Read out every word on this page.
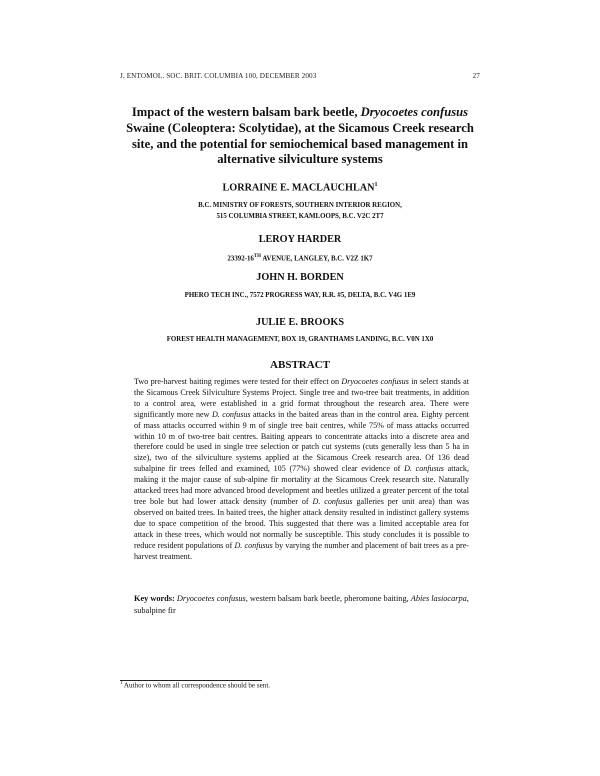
J. ENTOMOL. SOC. BRIT. COLUMBIA 100, DECEMBER 2003	27
Impact of the western balsam bark beetle, Dryocoetes confusus Swaine (Coleoptera: Scolytidae), at the Sicamous Creek research site, and the potential for semiochemical based management in alternative silviculture systems
LORRAINE E. MACLAUCHLAN$^1$
B.C. MINISTRY OF FORESTS, SOUTHERN INTERIOR REGION,
515 COLUMBIA STREET, KAMLOOPS, B.C. V2C 2T7
LEROY HARDER
23392-16TH AVENUE, LANGLEY, B.C. V2Z 1K7
JOHN H. BORDEN
PHERO TECH INC., 7572 PROGRESS WAY, R.R. #5, DELTA, B.C. V4G 1E9
JULIE E. BROOKS
FOREST HEALTH MANAGEMENT, BOX 19, GRANTHAMS LANDING, B.C. V0N 1X0
ABSTRACT
Two pre-harvest baiting regimes were tested for their effect on Dryocoetes confusus in select stands at the Sicamous Creek Silviculture Systems Project. Single tree and two-tree bait treatments, in addition to a control area, were established in a grid format throughout the research area. There were significantly more new D. confusus attacks in the baited areas than in the control area. Eighty percent of mass attacks occurred within 9 m of single tree bait centres, while 75% of mass attacks occurred within 10 m of two-tree bait centres. Baiting appears to concentrate attacks into a discrete area and therefore could be used in single tree selection or patch cut systems (cuts generally less than 5 ha in size), two of the silviculture systems applied at the Sicamous Creek research area. Of 136 dead subalpine fir trees felled and examined, 105 (77%) showed clear evidence of D. confusus attack, making it the major cause of sub-alpine fir mortality at the Sicamous Creek research site. Naturally attacked trees had more advanced brood development and beetles utilized a greater percent of the total tree bole but had lower attack density (number of D. confusus galleries per unit area) than was observed on baited trees. In baited trees, the higher attack density resulted in indistinct gallery systems due to space competition of the brood. This suggested that there was a limited acceptable area for attack in these trees, which would not normally be susceptible. This study concludes it is possible to reduce resident populations of D. confusus by varying the number and placement of bait trees as a pre-harvest treatment.
Key words: Dryocoetes confusus, western balsam bark beetle, pheromone baiting, Abies lasiocarpa, subalpine fir
$^1$ Author to whom all correspondence should be sent.
